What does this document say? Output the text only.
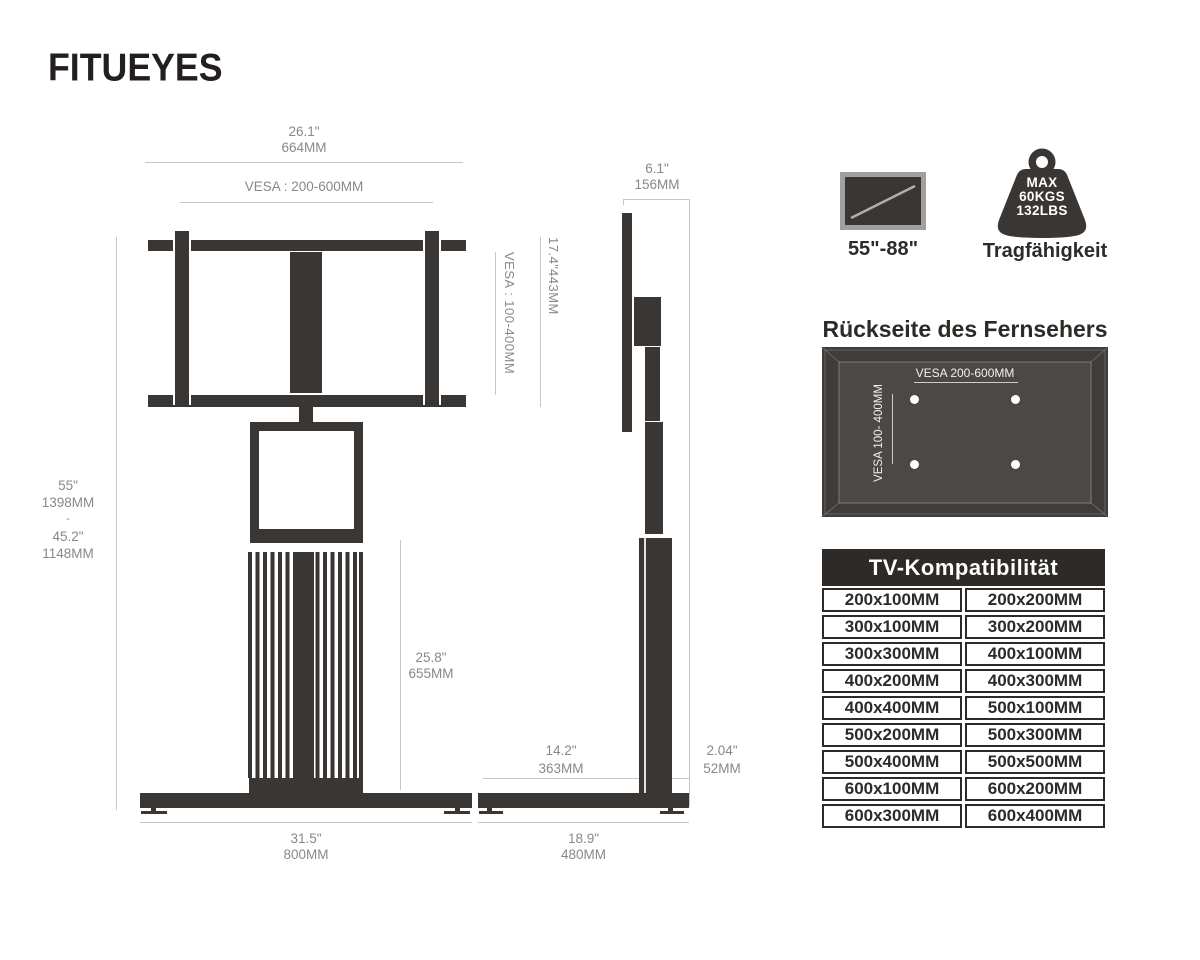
FITUEYES
26.1"
664MM
VESA : 200-600MM
55"
1398MM
-
45.2"
1148MM
25.8"
655MM
31.5"
800MM
VESA : 100-400MM 17.4"
443MM
6.1"
156MM
14.2"
363MM
2.04"
52MM
18.9"
480MM
55"-88"
MAX
60KGS
132LBS
Tragfähigkeit
Rückseite des Fernsehers
VESA 200-600MM
VESA 100- 400MM
TV-Kompatibilität
200x100MM	200x200MM
300x100MM	300x200MM
300x300MM	400x100MM
400x200MM	400x300MM
400x400MM	500x100MM
500x200MM	500x300MM
500x400MM	500x500MM
600x100MM	600x200MM
600x300MM	600x400MM
